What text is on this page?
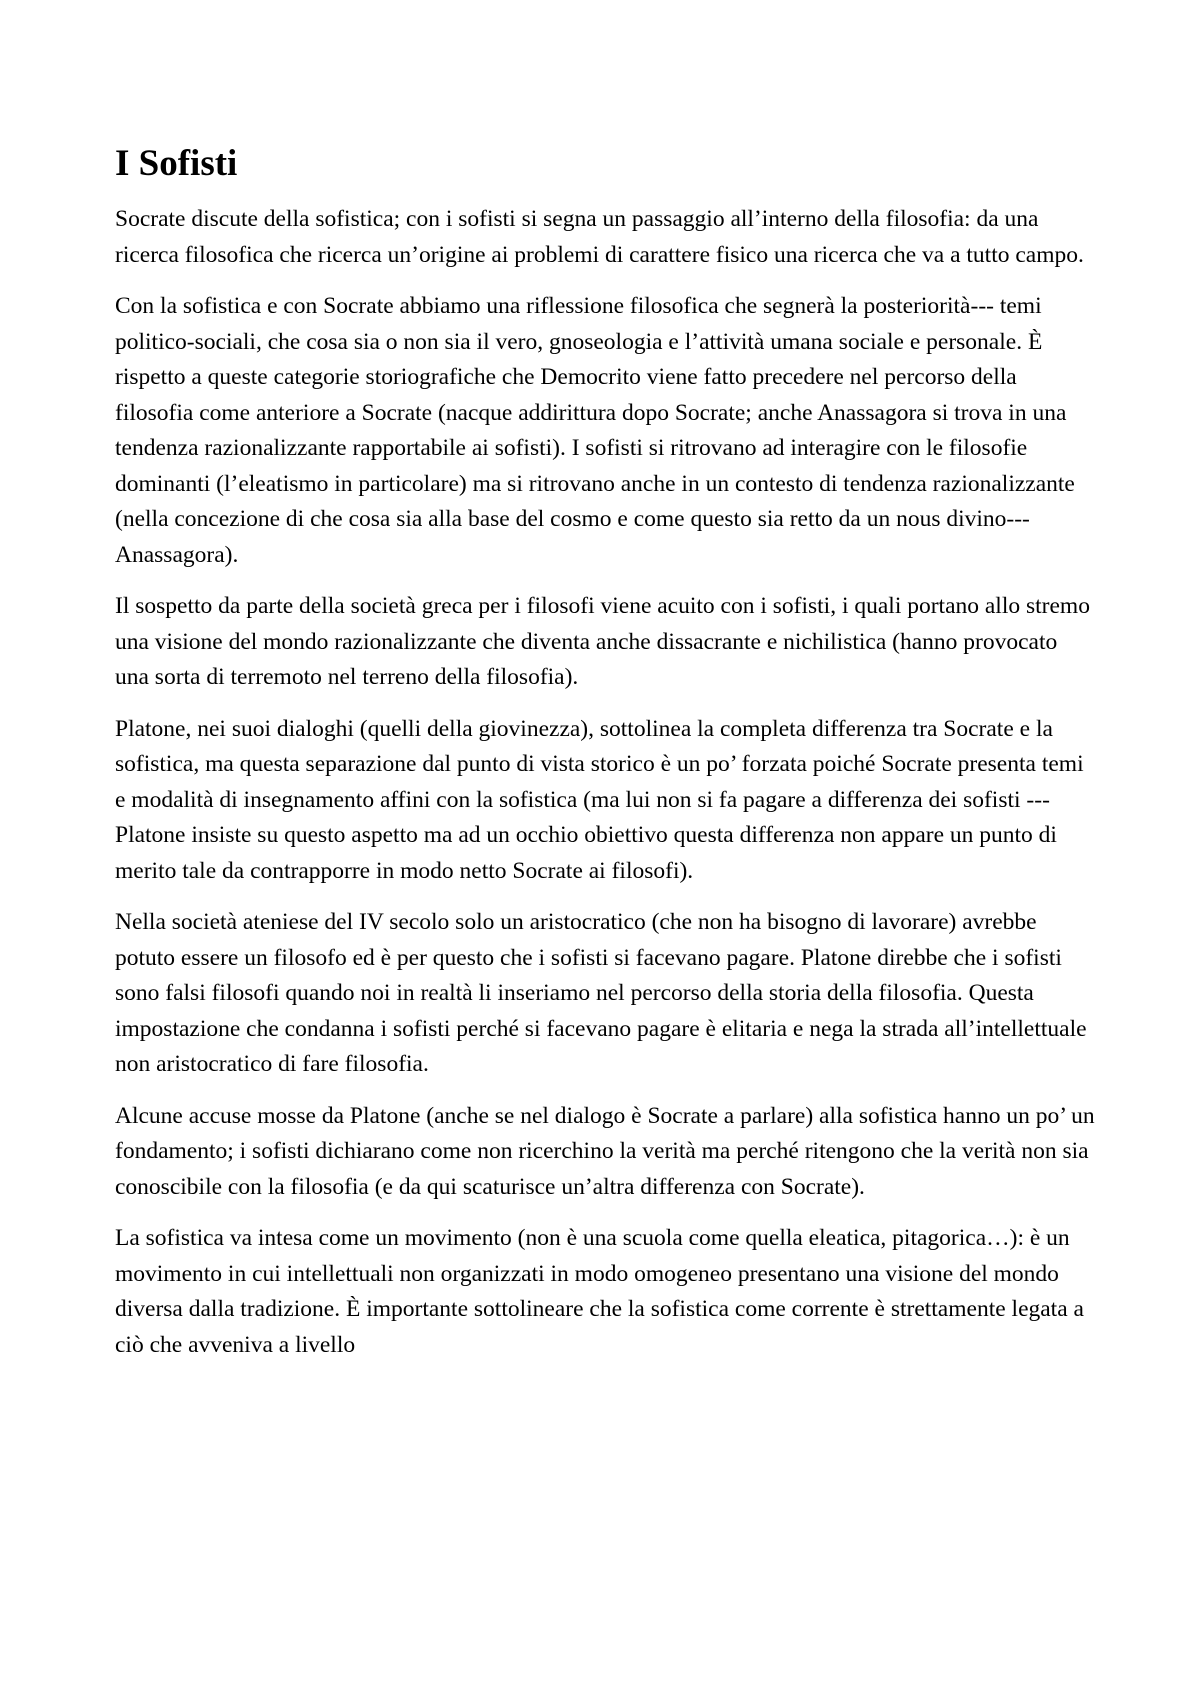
I Sofisti

Socrate discute della sofistica; con i sofisti si segna un passaggio all’interno della filosofia: da una ricerca filosofica che ricerca un’origine ai problemi di carattere fisico una ricerca che va a tutto campo.

Con la sofistica e con Socrate abbiamo una riflessione filosofica che segnerà la posteriorità--- temi politico-sociali, che cosa sia o non sia il vero, gnoseologia e l’attività umana sociale e personale. È rispetto a queste categorie storiografiche che Democrito viene fatto precedere nel percorso della filosofia come anteriore a Socrate (nacque addirittura dopo Socrate; anche Anassagora si trova in una tendenza razionalizzante rapportabile ai sofisti). I sofisti si ritrovano ad interagire con le filosofie dominanti (l’eleatismo in particolare) ma si ritrovano anche in un contesto di tendenza razionalizzante (nella concezione di che cosa sia alla base del cosmo e come questo sia retto da un nous divino---Anassagora).

Il sospetto da parte della società greca per i filosofi viene acuito con i sofisti, i quali portano allo stremo una visione del mondo razionalizzante che diventa anche dissacrante e nichilistica (hanno provocato una sorta di terremoto nel terreno della filosofia).

Platone, nei suoi dialoghi (quelli della giovinezza), sottolinea la completa differenza tra Socrate e la sofistica, ma questa separazione dal punto di vista storico è un po’ forzata poiché Socrate presenta temi e modalità di insegnamento affini con la sofistica (ma lui non si fa pagare a differenza dei sofisti --- Platone insiste su questo aspetto ma ad un occhio obiettivo questa differenza non appare un punto di merito tale da contrapporre in modo netto Socrate ai filosofi).

Nella società ateniese del IV secolo solo un aristocratico (che non ha bisogno di lavorare) avrebbe potuto essere un filosofo ed è per questo che i sofisti si facevano pagare. Platone direbbe che i sofisti sono falsi filosofi quando noi in realtà li inseriamo nel percorso della storia della filosofia. Questa impostazione che condanna i sofisti perché si facevano pagare è elitaria e nega la strada all’intellettuale non aristocratico di fare filosofia.

Alcune accuse mosse da Platone (anche se nel dialogo è Socrate a parlare) alla sofistica hanno un po’ un fondamento; i sofisti dichiarano come non ricerchino la verità ma perché ritengono che la verità non sia conoscibile con la filosofia (e da qui scaturisce un’altra differenza con Socrate).

La sofistica va intesa come un movimento (non è una scuola come quella eleatica, pitagorica…): è un movimento in cui intellettuali non organizzati in modo omogeneo presentano una visione del mondo diversa dalla tradizione. È importante sottolineare che la sofistica come corrente è strettamente legata a ciò che avveniva a livello
